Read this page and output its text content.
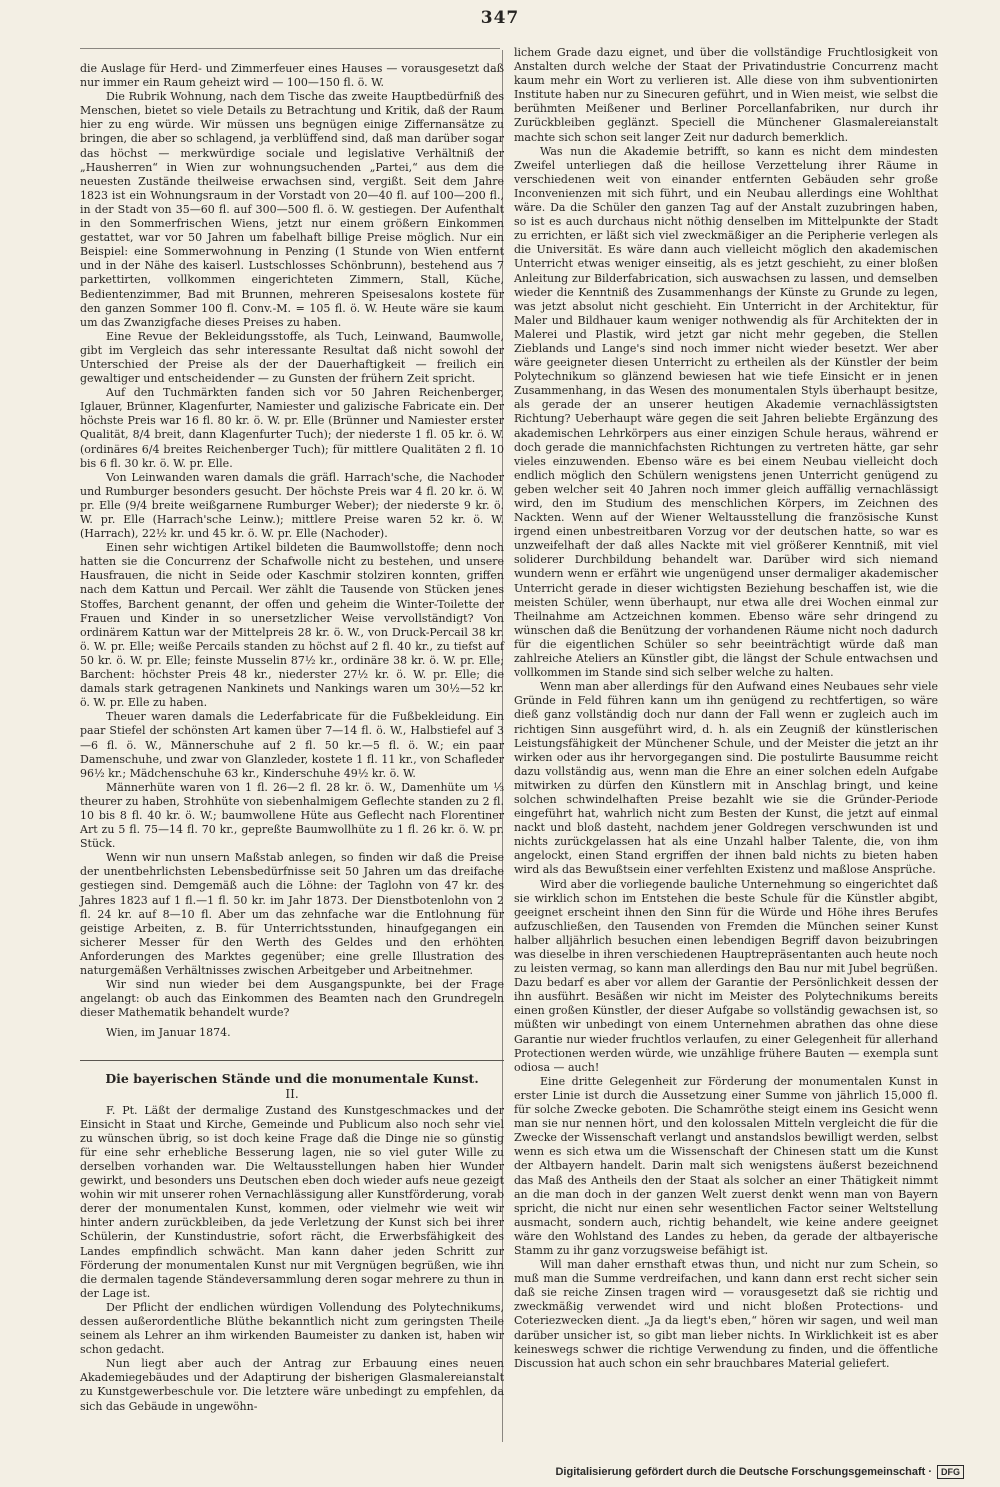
347

die Auslage für Herd- und Zimmerfeuer eines Hauses — vorausgesetzt daß nur immer ein Raum geheizt wird — 100—150 fl. ö. W.

Die Rubrik Wohnung, nach dem Tische das zweite Hauptbedürfniß des Menschen, bietet so viele Details zu Betrachtung und Kritik, daß der Raum hier zu eng würde. Wir müssen uns begnügen einige Ziffernansätze zu bringen, die aber so schlagend, ja verblüffend sind, daß man darüber sogar das höchst — merkwürdige sociale und legislative Verhältniß der „Hausherren“ in Wien zur wohnungsuchenden „Partei,“ aus dem die neuesten Zustände theilweise erwachsen sind, vergißt. Seit dem Jahre 1823 ist ein Wohnungsraum in der Vorstadt von 20—40 fl. auf 100—200 fl., in der Stadt von 35—60 fl. auf 300—500 fl. ö. W. gestiegen. Der Aufenthalt in den Sommerfrischen Wiens, jetzt nur einem größern Einkommen gestattet, war vor 50 Jahren um fabelhaft billige Preise möglich. Nur ein Beispiel: eine Sommerwohnung in Penzing (1 Stunde von Wien entfernt und in der Nähe des kaiserl. Lustschlosses Schönbrunn), bestehend aus 7 parkettirten, vollkommen eingerichteten Zimmern, Stall, Küche, Bedientenzimmer, Bad mit Brunnen, mehreren Speisesalons kostete für den ganzen Sommer 100 fl. Conv.-M. = 105 fl. ö. W. Heute wäre sie kaum um das Zwanzigfache dieses Preises zu haben.

Eine Revue der Bekleidungsstoffe, als Tuch, Leinwand, Baumwolle, gibt im Vergleich das sehr interessante Resultat daß nicht sowohl der Unterschied der Preise als der der Dauerhaftigkeit — freilich ein gewaltiger und entscheidender — zu Gunsten der frühern Zeit spricht.

Auf den Tuchmärkten fanden sich vor 50 Jahren Reichenberger, Iglauer, Brünner, Klagenfurter, Namiester und galizische Fabricate ein. Der höchste Preis war 16 fl. 80 kr. ö. W. pr. Elle (Brünner und Namiester erster Qualität, 8/4 breit, dann Klagenfurter Tuch); der niederste 1 fl. 05 kr. ö. W. (ordinäres 6/4 breites Reichenberger Tuch); für mittlere Qualitäten 2 fl. 10 bis 6 fl. 30 kr. ö. W. pr. Elle.

Von Leinwanden waren damals die gräfl. Harrach'sche, die Nachoder und Rumburger besonders gesucht. Der höchste Preis war 4 fl. 20 kr. ö. W. pr. Elle (9/4 breite weißgarnene Rumburger Weber); der niederste 9 kr. ö. W. pr. Elle (Harrach'sche Leinw.); mittlere Preise waren 52 kr. ö. W. (Harrach), 22½ kr. und 45 kr. ö. W. pr. Elle (Nachoder).

Einen sehr wichtigen Artikel bildeten die Baumwollstoffe; denn noch hatten sie die Concurrenz der Schafwolle nicht zu bestehen, und unsere Hausfrauen, die nicht in Seide oder Kaschmir stolziren konnten, griffen nach dem Kattun und Percail. Wer zählt die Tausende von Stücken jenes Stoffes, Barchent genannt, der offen und geheim die Winter-Toilette der Frauen und Kinder in so unersetzlicher Weise vervollständigt? Von ordinärem Kattun war der Mittelpreis 28 kr. ö. W., von Druck-Percail 38 kr. ö. W. pr. Elle; weiße Percails standen zu höchst auf 2 fl. 40 kr., zu tiefst auf 50 kr. ö. W. pr. Elle; feinste Musselin 87½ kr., ordinäre 38 kr. ö. W. pr. Elle; Barchent: höchster Preis 48 kr., niederster 27½ kr. ö. W. pr. Elle; die damals stark getragenen Nankinets und Nankings waren um 30½—52 kr. ö. W. pr. Elle zu haben.

Theuer waren damals die Lederfabricate für die Fußbekleidung. Ein paar Stiefel der schönsten Art kamen über 7—14 fl. ö. W., Halbstiefel auf 3—6 fl. ö. W., Männerschuhe auf 2 fl. 50 kr.—5 fl. ö. W.; ein paar Damenschuhe, und zwar von Glanzleder, kostete 1 fl. 11 kr., von Schafleder 96½ kr.; Mädchenschuhe 63 kr., Kinderschuhe 49½ kr. ö. W.

Männerhüte waren von 1 fl. 26—2 fl. 28 kr. ö. W., Damenhüte um ⅓ theurer zu haben, Strohhüte von siebenhalmigem Geflechte standen zu 2 fl. 10 bis 8 fl. 40 kr. ö. W.; baumwollene Hüte aus Geflecht nach Florentiner Art zu 5 fl. 75—14 fl. 70 kr., gepreßte Baumwollhüte zu 1 fl. 26 kr. ö. W. pr. Stück.

Wenn wir nun unsern Maßstab anlegen, so finden wir daß die Preise der unentbehrlichsten Lebensbedürfnisse seit 50 Jahren um das dreifache gestiegen sind. Demgemäß auch die Löhne: der Taglohn von 47 kr. des Jahres 1823 auf 1 fl.—1 fl. 50 kr. im Jahr 1873. Der Dienstbotenlohn von 2 fl. 24 kr. auf 8—10 fl. Aber um das zehnfache war die Entlohnung für geistige Arbeiten, z. B. für Unterrichtsstunden, hinaufgegangen ein sicherer Messer für den Werth des Geldes und den erhöhten Anforderungen des Marktes gegenüber; eine grelle Illustration des naturgemäßen Verhältnisses zwischen Arbeitgeber und Arbeitnehmer.

Wir sind nun wieder bei dem Ausgangspunkte, bei der Frage angelangt: ob auch das Einkommen des Beamten nach den Grundregeln dieser Mathematik behandelt wurde?

Wien, im Januar 1874.

Die bayerischen Stände und die monumentale Kunst.

II.

F. Pt. Läßt der dermalige Zustand des Kunstgeschmackes und der Einsicht in Staat und Kirche, Gemeinde und Publicum also noch sehr viel zu wünschen übrig, so ist doch keine Frage daß die Dinge nie so günstig für eine sehr erhebliche Besserung lagen, nie so viel guter Wille zu derselben vorhanden war. Die Weltausstellungen haben hier Wunder gewirkt, und besonders uns Deutschen eben doch wieder aufs neue gezeigt wohin wir mit unserer rohen Vernachlässigung aller Kunstförderung, vorab derer der monumentalen Kunst, kommen, oder vielmehr wie weit wir hinter andern zurückbleiben, da jede Verletzung der Kunst sich bei ihrer Schülerin, der Kunstindustrie, sofort rächt, die Erwerbsfähigkeit des Landes empfindlich schwächt. Man kann daher jeden Schritt zur Förderung der monumentalen Kunst nur mit Vergnügen begrüßen, wie ihn die dermalen tagende Ständeversammlung deren sogar mehrere zu thun in der Lage ist.

Der Pflicht der endlichen würdigen Vollendung des Polytechnikums, dessen außerordentliche Blüthe bekanntlich nicht zum geringsten Theile seinem als Lehrer an ihm wirkenden Baumeister zu danken ist, haben wir schon gedacht.

Nun liegt aber auch der Antrag zur Erbauung eines neuen Akademiegebäudes und der Adaptirung der bisherigen Glasmalereianstalt zu Kunstgewerbeschule vor. Die letztere wäre unbedingt zu empfehlen, da sich das Gebäude in ungewöhn-

lichem Grade dazu eignet, und über die vollständige Fruchtlosigkeit von Anstalten durch welche der Staat der Privatindustrie Concurrenz macht kaum mehr ein Wort zu verlieren ist. Alle diese von ihm subventionirten Institute haben nur zu Sinecuren geführt, und in Wien meist, wie selbst die berühmten Meißener und Berliner Porcellanfabriken, nur durch ihr Zurückbleiben geglänzt. Speciell die Münchener Glasmalereianstalt machte sich schon seit langer Zeit nur dadurch bemerklich.

Was nun die Akademie betrifft, so kann es nicht dem mindesten Zweifel unterliegen daß die heillose Verzettelung ihrer Räume in verschiedenen weit von einander entfernten Gebäuden sehr große Inconvenienzen mit sich führt, und ein Neubau allerdings eine Wohlthat wäre. Da die Schüler den ganzen Tag auf der Anstalt zuzubringen haben, so ist es auch durchaus nicht nöthig denselben im Mittelpunkte der Stadt zu errichten, er läßt sich viel zweckmäßiger an die Peripherie verlegen als die Universität. Es wäre dann auch vielleicht möglich den akademischen Unterricht etwas weniger einseitig, als es jetzt geschieht, zu einer bloßen Anleitung zur Bilderfabrication, sich auswachsen zu lassen, und demselben wieder die Kenntniß des Zusammenhangs der Künste zu Grunde zu legen, was jetzt absolut nicht geschieht. Ein Unterricht in der Architektur, für Maler und Bildhauer kaum weniger nothwendig als für Architekten der in Malerei und Plastik, wird jetzt gar nicht mehr gegeben, die Stellen Zieblands und Lange's sind noch immer nicht wieder besetzt. Wer aber wäre geeigneter diesen Unterricht zu ertheilen als der Künstler der beim Polytechnikum so glänzend bewiesen hat wie tiefe Einsicht er in jenen Zusammenhang, in das Wesen des monumentalen Styls überhaupt besitze, als gerade der an unserer heutigen Akademie vernachlässigtsten Richtung? Ueberhaupt wäre gegen die seit Jahren beliebte Ergänzung des akademischen Lehrkörpers aus einer einzigen Schule heraus, während er doch gerade die mannichfachsten Richtungen zu vertreten hätte, gar sehr vieles einzuwenden. Ebenso wäre es bei einem Neubau vielleicht doch endlich möglich den Schülern wenigstens jenen Unterricht genügend zu geben welcher seit 40 Jahren noch immer gleich auffällig vernachlässigt wird, den im Studium des menschlichen Körpers, im Zeichnen des Nackten. Wenn auf der Wiener Weltausstellung die französische Kunst irgend einen unbestreitbaren Vorzug vor der deutschen hatte, so war es unzweifelhaft der daß alles Nackte mit viel größerer Kenntniß, mit viel soliderer Durchbildung behandelt war. Darüber wird sich niemand wundern wenn er erfährt wie ungenügend unser dermaliger akademischer Unterricht gerade in dieser wichtigsten Beziehung beschaffen ist, wie die meisten Schüler, wenn überhaupt, nur etwa alle drei Wochen einmal zur Theilnahme am Actzeichnen kommen. Ebenso wäre sehr dringend zu wünschen daß die Benützung der vorhandenen Räume nicht noch dadurch für die eigentlichen Schüler so sehr beeinträchtigt würde daß man zahlreiche Ateliers an Künstler gibt, die längst der Schule entwachsen und vollkommen im Stande sind sich selber welche zu halten.

Wenn man aber allerdings für den Aufwand eines Neubaues sehr viele Gründe in Feld führen kann um ihn genügend zu rechtfertigen, so wäre dieß ganz vollständig doch nur dann der Fall wenn er zugleich auch im richtigen Sinn ausgeführt wird, d. h. als ein Zeugniß der künstlerischen Leistungsfähigkeit der Münchener Schule, und der Meister die jetzt an ihr wirken oder aus ihr hervorgegangen sind. Die postulirte Bausumme reicht dazu vollständig aus, wenn man die Ehre an einer solchen edeln Aufgabe mitwirken zu dürfen den Künstlern mit in Anschlag bringt, und keine solchen schwindelhaften Preise bezahlt wie sie die Gründer-Periode eingeführt hat, wahrlich nicht zum Besten der Kunst, die jetzt auf einmal nackt und bloß dasteht, nachdem jener Goldregen verschwunden ist und nichts zurückgelassen hat als eine Unzahl halber Talente, die, von ihm angelockt, einen Stand ergriffen der ihnen bald nichts zu bieten haben wird als das Bewußtsein einer verfehlten Existenz und maßlose Ansprüche.

Wird aber die vorliegende bauliche Unternehmung so eingerichtet daß sie wirklich schon im Entstehen die beste Schule für die Künstler abgibt, geeignet erscheint ihnen den Sinn für die Würde und Höhe ihres Berufes aufzuschließen, den Tausenden von Fremden die München seiner Kunst halber alljährlich besuchen einen lebendigen Begriff davon beizubringen was dieselbe in ihren verschiedenen Hauptrepräsentanten auch heute noch zu leisten vermag, so kann man allerdings den Bau nur mit Jubel begrüßen. Dazu bedarf es aber vor allem der Garantie der Persönlichkeit dessen der ihn ausführt. Besäßen wir nicht im Meister des Polytechnikums bereits einen großen Künstler, der dieser Aufgabe so vollständig gewachsen ist, so müßten wir unbedingt von einem Unternehmen abrathen das ohne diese Garantie nur wieder fruchtlos verlaufen, zu einer Gelegenheit für allerhand Protectionen werden würde, wie unzählige frühere Bauten — exempla sunt odiosa — auch!

Eine dritte Gelegenheit zur Förderung der monumentalen Kunst in erster Linie ist durch die Aussetzung einer Summe von jährlich 15,000 fl. für solche Zwecke geboten. Die Schamröthe steigt einem ins Gesicht wenn man sie nur nennen hört, und den kolossalen Mitteln vergleicht die für die Zwecke der Wissenschaft verlangt und anstandslos bewilligt werden, selbst wenn es sich etwa um die Wissenschaft der Chinesen statt um die Kunst der Altbayern handelt. Darin malt sich wenigstens äußerst bezeichnend das Maß des Antheils den der Staat als solcher an einer Thätigkeit nimmt an die man doch in der ganzen Welt zuerst denkt wenn man von Bayern spricht, die nicht nur einen sehr wesentlichen Factor seiner Weltstellung ausmacht, sondern auch, richtig behandelt, wie keine andere geeignet wäre den Wohlstand des Landes zu heben, da gerade der altbayerische Stamm zu ihr ganz vorzugsweise befähigt ist.

Will man daher ernsthaft etwas thun, und nicht nur zum Schein, so muß man die Summe verdreifachen, und kann dann erst recht sicher sein daß sie reiche Zinsen tragen wird — vorausgesetzt daß sie richtig und zweckmäßig verwendet wird und nicht bloßen Protections- und Coteriezwecken dient. „Ja da liegt's eben,“ hören wir sagen, und weil man darüber unsicher ist, so gibt man lieber nichts. In Wirklichkeit ist es aber keineswegs schwer die richtige Verwendung zu finden, und die öffentliche Discussion hat auch schon ein sehr brauchbares Material geliefert.

Digitalisierung gefördert durch die Deutsche Forschungsgemeinschaft ·	DFG
